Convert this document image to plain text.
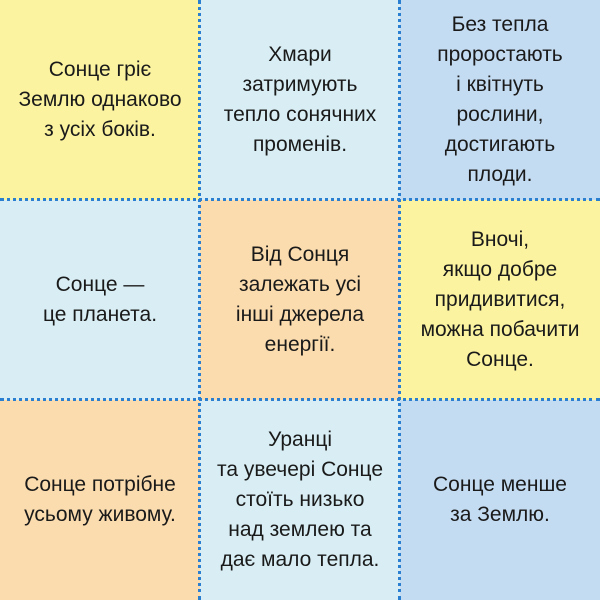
Сонце гріє
Землю однаково
з усіх боків.
Хмари
затримують
тепло сонячних
променів.
Без тепла
проростають
і квітнуть
рослини,
достигають
плоди.
Сонце —
це планета.
Від Сонця
залежать усі
інші джерела
енергії.
Вночі,
якщо добре
придивитися,
можна побачити
Сонце.
Сонце потрібне
усьому живому.
Уранці
та увечері Сонце
стоїть низько
над землею та
дає мало тепла.
Сонце менше
за Землю.
